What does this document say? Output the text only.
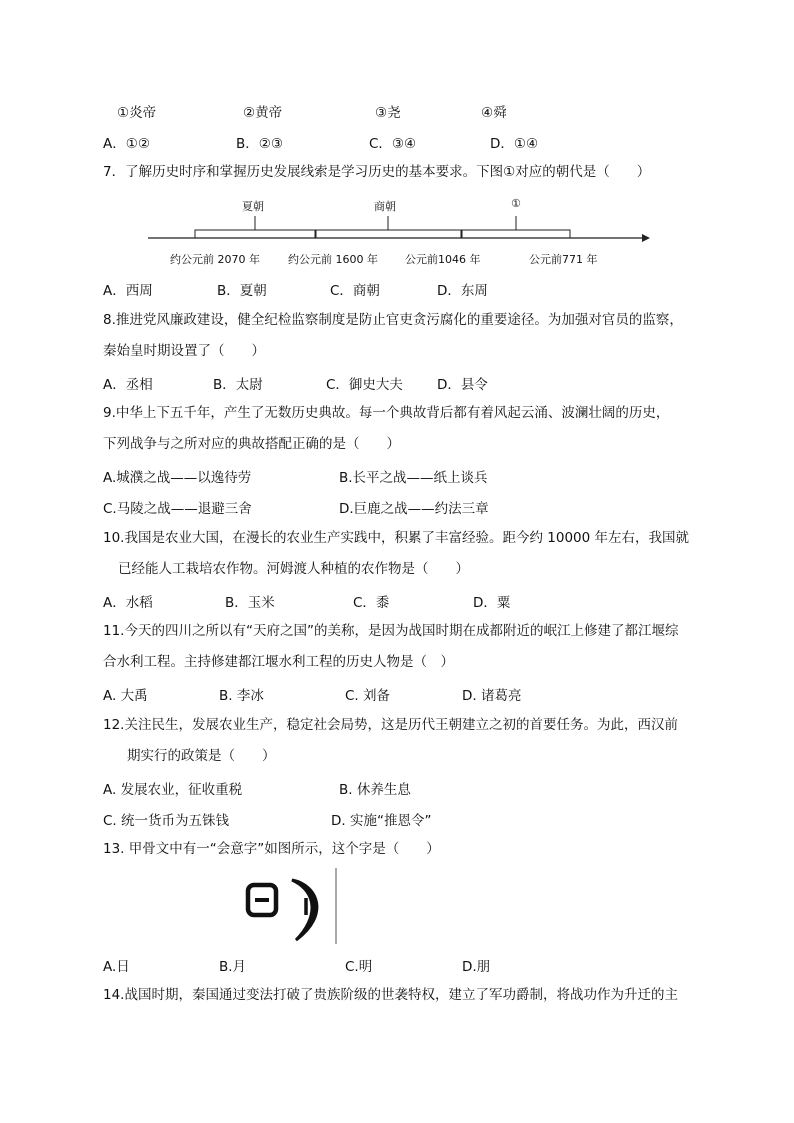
①炎帝	②黄帝	③尧	④舜
A．①②	B．②③	C．③④	D．①④
7．了解历史时序和掌握历史发展线索是学习历史的基本要求。下图①对应的朝代是（　　）
夏朝	商朝	①
约公元前 2070 年	约公元前 1600 年 公元前1046 年	公元前771 年
A．西周	B．夏朝	C．商朝	D．东周
8.推进党风廉政建设，健全纪检监察制度是防止官吏贪污腐化的重要途径。为加强对官员的监察，
秦始皇时期设置了（　　）
A．丞相	B．太尉	C．御史大夫	D．县令
9.中华上下五千年，产生了无数历史典故。每一个典故背后都有着风起云涌、波澜壮阔的历史，
下列战争与之所对应的典故搭配正确的是（　　）
A.城濮之战——以逸待劳	B.长平之战——纸上谈兵
C.马陵之战——退避三舍	D.巨鹿之战——约法三章
10.我国是农业大国，在漫长的农业生产实践中，积累了丰富经验。距今约 10000 年左右，我国就
已经能人工栽培农作物。河姆渡人种植的农作物是（　　）
A．水稻	B．玉米	C．黍	D．粟
11.今天的四川之所以有“天府之国”的美称，是因为战国时期在成都附近的岷江上修建了都江堰综
合水利工程。主持修建都江堰水利工程的历史人物是（　）
A. 大禹	B. 李冰	C. 刘备	D. 诸葛亮
12.关注民生，发展农业生产，稳定社会局势，这是历代王朝建立之初的首要任务。为此，西汉前
期实行的政策是（　　）
A. 发展农业，征收重税	B. 休养生息
C. 统一货币为五铢钱	D. 实施“推恩令”
13. 甲骨文中有一“会意字”如图所示，这个字是（　　）
A.日	B.月	C.明	D.朋
14.战国时期，秦国通过变法打破了贵族阶级的世袭特权，建立了军功爵制，将战功作为升迁的主
